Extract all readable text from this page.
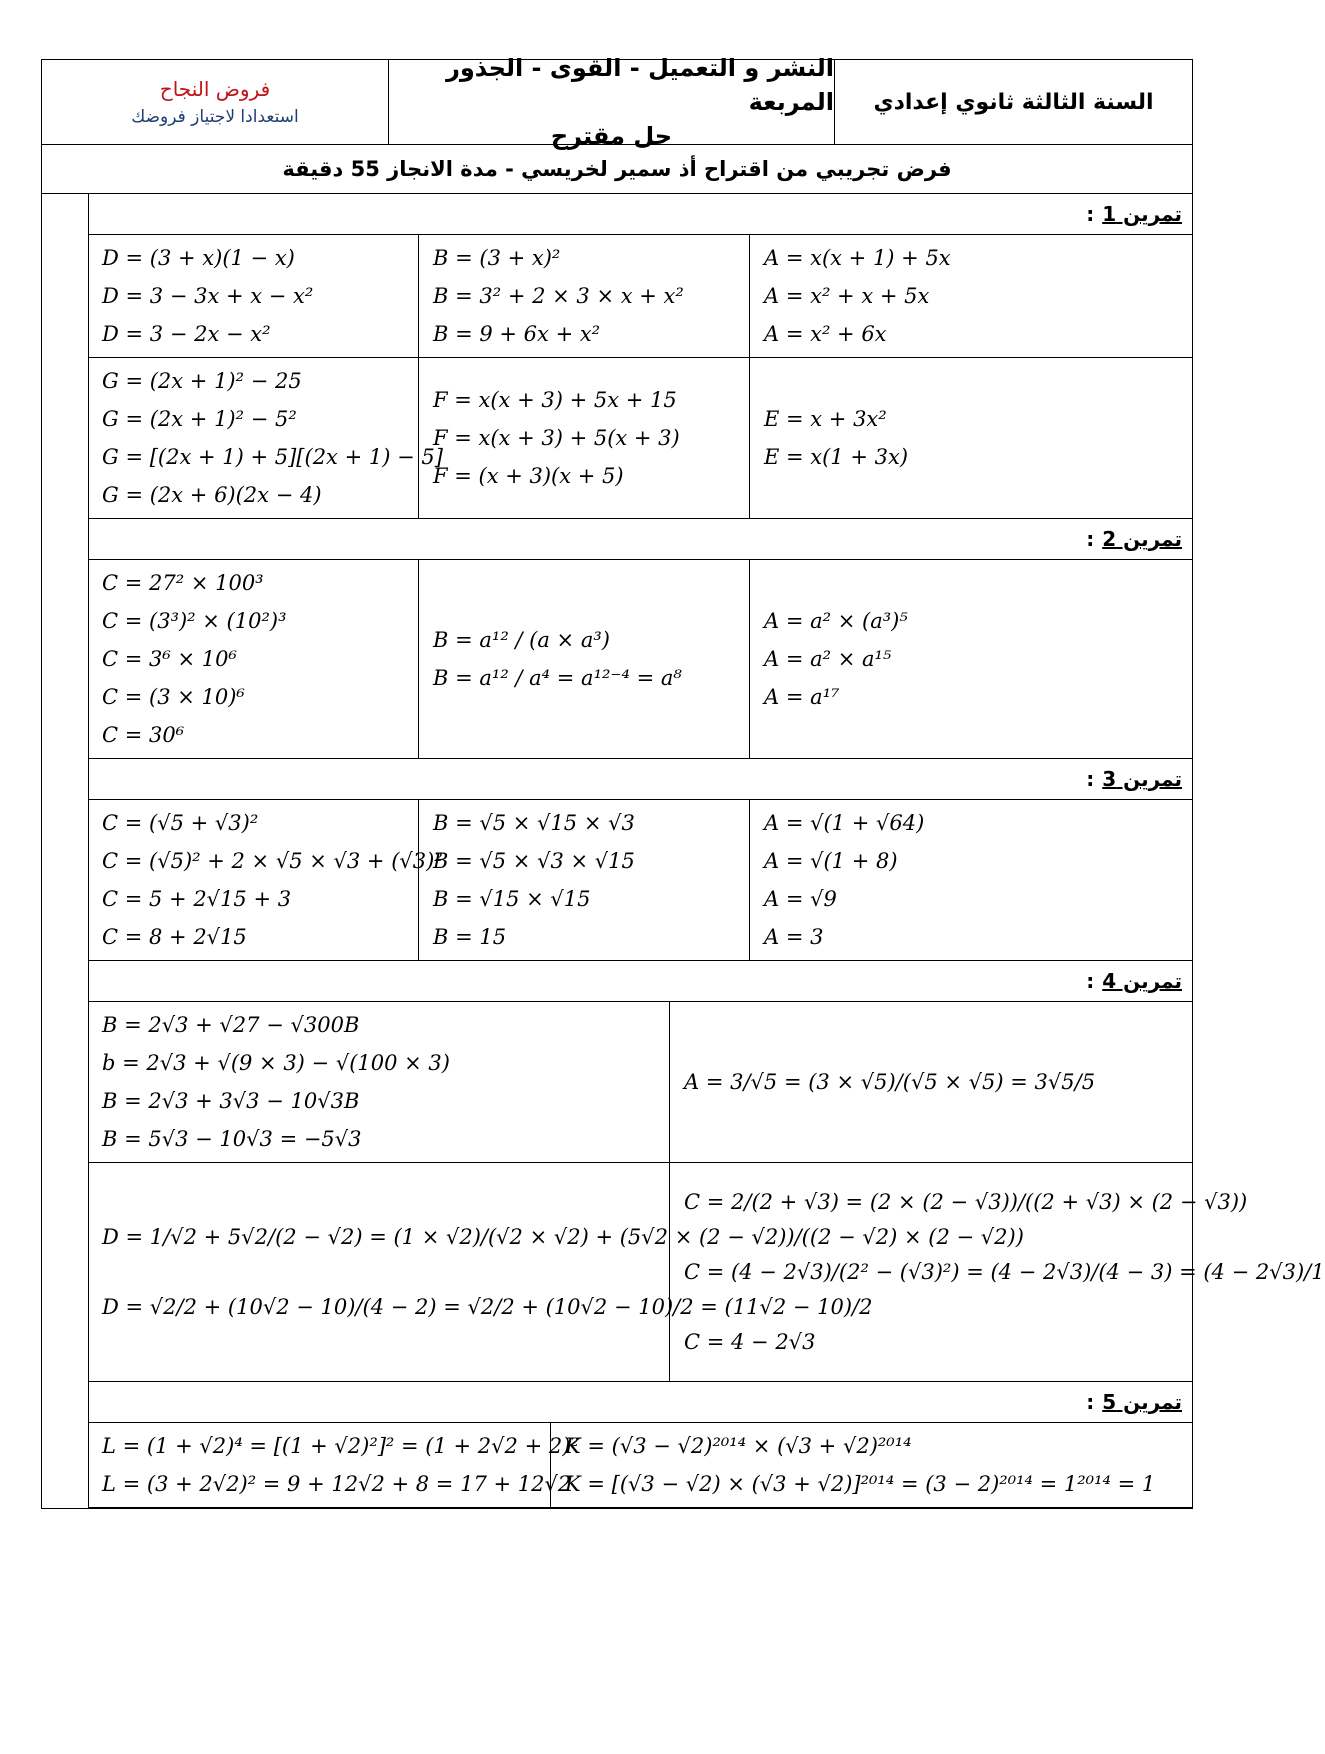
فروض النجاح
استعدادا لاجتياز فروضك
النشر و التعميل - القوى - الجذور المربعة
حل مقترح
السنة الثالثة ثانوي إعدادي
فرض تجريبي من اقتراح أذ سمير لخريسي - مدة الانجاز 55 دقيقة
تمرين 1
:
D = (3 + x)(1 − x)
D = 3 − 3x + x − x²
D = 3 − 2x − x²
B = (3 + x)²
B = 3² + 2 × 3 × x + x²
B = 9 + 6x + x²
A = x(x + 1) + 5x
A = x² + x + 5x
A = x² + 6x
G = (2x + 1)² − 25
G = (2x + 1)² − 5²
G = [(2x + 1) + 5][(2x + 1) − 5]
G = (2x + 6)(2x − 4)
F = x(x + 3) + 5x + 15
F = x(x + 3) + 5(x + 3)
F = (x + 3)(x + 5)
E = x + 3x²
E = x(1 + 3x)
تمرين 2
:
C = 27² × 100³
C = (3³)² × (10²)³
C = 3⁶ × 10⁶
C = (3 × 10)⁶
C = 30⁶
B = a¹² / (a × a³)
B = a¹² / a⁴ = a¹²⁻⁴ = a⁸
A = a² × (a³)⁵
A = a² × a¹⁵
A = a¹⁷
تمرين 3
:
C = (√5 + √3)²
C = (√5)² + 2 × √5 × √3 + (√3)²
C = 5 + 2√15 + 3
C = 8 + 2√15
B = √5 × √15 × √3
B = √5 × √3 × √15
B = √15 × √15
B = 15
A = √(1 + √64)
A = √(1 + 8)
A = √9
A = 3
تمرين 4
:
B = 2√3 + √27 − √300B
b = 2√3 + √(9 × 3) − √(100 × 3)
B = 2√3 + 3√3 − 10√3B
B = 5√3 − 10√3 = −5√3
A = 3/√5 = (3 × √5)/(√5 × √5) = 3√5/5
D = 1/√2 + 5√2/(2 − √2) = (1 × √2)/(√2 × √2) + (5√2 × (2 − √2))/((2 − √2) × (2 − √2))
D = √2/2 + (10√2 − 10)/(4 − 2) = √2/2 + (10√2 − 10)/2 = (11√2 − 10)/2
C = 2/(2 + √3) = (2 × (2 − √3))/((2 + √3) × (2 − √3))
C = (4 − 2√3)/(2² − (√3)²) = (4 − 2√3)/(4 − 3) = (4 − 2√3)/1
C = 4 − 2√3
تمرين 5
:
L = (1 + √2)⁴ = [(1 + √2)²]² = (1 + 2√2 + 2)²
L = (3 + 2√2)² = 9 + 12√2 + 8 = 17 + 12√2
K = (√3 − √2)²⁰¹⁴ × (√3 + √2)²⁰¹⁴
K = [(√3 − √2) × (√3 + √2)]²⁰¹⁴ = (3 − 2)²⁰¹⁴ = 1²⁰¹⁴ = 1
